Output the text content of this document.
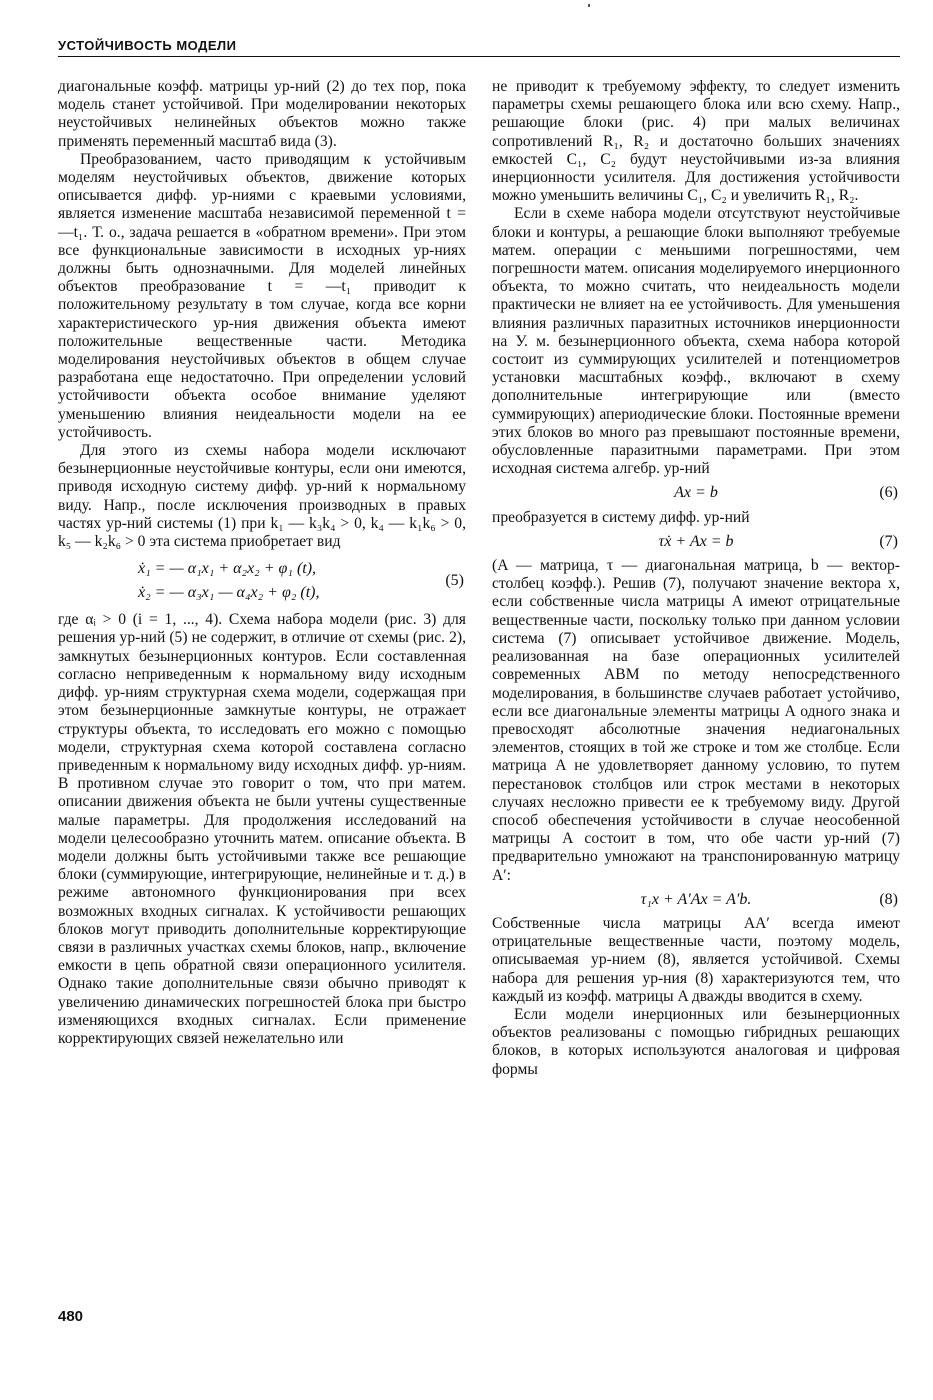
УСТОЙЧИВОСТЬ МОДЕЛИ

диагональные коэфф. матрицы ур-ний (2) до тех пор, пока модель станет устойчивой. При моделировании некоторых неустойчивых нелинейных объектов можно также применять переменный масштаб вида (3).

Преобразованием, часто приводящим к устойчивым моделям неустойчивых объектов, движение которых описывается дифф. ур-ниями с краевыми условиями, является изменение масштаба независимой переменной t = —t₁. Т. о., задача решается в «обратном времени». При этом все функциональные зависимости в исходных ур-ниях должны быть однозначными. Для моделей линейных объектов преобразование t = —t₁ приводит к положительному результату в том случае, когда все корни характеристического ур-ния движения объекта имеют положительные вещественные части. Методика моделирования неустойчивых объектов в общем случае разработана еще недостаточно. При определении условий устойчивости объекта особое внимание уделяют уменьшению влияния неидеальности модели на ее устойчивость.

Для этого из схемы набора модели исключают безынерционные неустойчивые контуры, если они имеются, приводя исходную систему дифф. ур-ний к нормальному виду. Напр., после исключения производных в правых частях ур-ний системы (1) при k₁ — k₃k₄ > 0, k₄ — k₁k₆ > 0, k₅ — k₂k₆ > 0 эта система приобретает вид

ẋ₁ = — α₁x₁ + α₂x₂ + φ₁ (t),
ẋ₂ = — α₃x₁ — α₄x₂ + φ₂ (t),
(5)

где αᵢ > 0 (i = 1, ..., 4). Схема набора модели (рис. 3) для решения ур-ний (5) не содержит, в отличие от схемы (рис. 2), замкнутых безынерционных контуров. Если составленная согласно неприведенным к нормальному виду исходным дифф. ур-ниям структурная схема модели, содержащая при этом безынерционные замкнутые контуры, не отражает структуры объекта, то исследовать его можно с помощью модели, структурная схема которой составлена согласно приведенным к нормальному виду исходных дифф. ур-ниям. В противном случае это говорит о том, что при матем. описании движения объекта не были учтены существенные малые параметры. Для продолжения исследований на модели целесообразно уточнить матем. описание объекта. В модели должны быть устойчивыми также все решающие блоки (суммирующие, интегрирующие, нелинейные и т. д.) в режиме автономного функционирования при всех возможных входных сигналах. К устойчивости решающих блоков могут приводить дополнительные корректирующие связи в различных участках схемы блоков, напр., включение емкости в цепь обратной связи операционного усилителя. Однако такие дополнительные связи обычно приводят к увеличению динамических погрешностей блока при быстро изменяющихся входных сигналах. Если применение корректирующих связей нежелательно или

не приводит к требуемому эффекту, то следует изменить параметры схемы решающего блока или всю схему. Напр., решающие блоки (рис. 4) при малых величинах сопротивлений R₁, R₂ и достаточно больших значениях емкостей C₁, C₂ будут неустойчивыми из-за влияния инерционности усилителя. Для достижения устойчивости можно уменьшить величины C₁, C₂ и увеличить R₁, R₂.

Если в схеме набора модели отсутствуют неустойчивые блоки и контуры, а решающие блоки выполняют требуемые матем. операции с меньшими погрешностями, чем погрешности матем. описания моделируемого инерционного объекта, то можно считать, что неидеальность модели практически не влияет на ее устойчивость. Для уменьшения влияния различных паразитных источников инерционности на У. м. безынерционного объекта, схема набора которой состоит из суммирующих усилителей и потенциометров установки масштабных коэфф., включают в схему дополнительные интегрирующие или (вместо суммирующих) апериодические блоки. Постоянные времени этих блоков во много раз превышают постоянные времени, обусловленные паразитными параметрами. При этом исходная система алгебр. ур-ний

Ax = b	(6)

преобразуется в систему дифф. ур-ний

τẋ + Ax = b	(7)

(A — матрица, τ — диагональная матрица, b — вектор-столбец коэфф.). Решив (7), получают значение вектора x, если собственные числа матрицы A имеют отрицательные вещественные части, поскольку только при данном условии система (7) описывает устойчивое движение. Модель, реализованная на базе операционных усилителей современных АВМ по методу непосредственного моделирования, в большинстве случаев работает устойчиво, если все диагональные элементы матрицы A одного знака и превосходят абсолютные значения недиагональных элементов, стоящих в той же строке и том же столбце. Если матрица A не удовлетворяет данному условию, то путем перестановок столбцов или строк местами в некоторых случаях несложно привести ее к требуемому виду. Другой способ обеспечения устойчивости в случае неособенной матрицы A состоит в том, что обе части ур-ний (7) предварительно умножают на транспонированную матрицу A′:

τ₁x + A′Ax = A′b.	(8)

Собственные числа матрицы AA′ всегда имеют отрицательные вещественные части, поэтому модель, описываемая ур-нием (8), является устойчивой. Схемы набора для решения ур-ния (8) характеризуются тем, что каждый из коэфф. матрицы A дважды вводится в схему.

Если модели инерционных или безынерционных объектов реализованы с помощью гибридных решающих блоков, в которых используются аналоговая и цифровая формы

480
